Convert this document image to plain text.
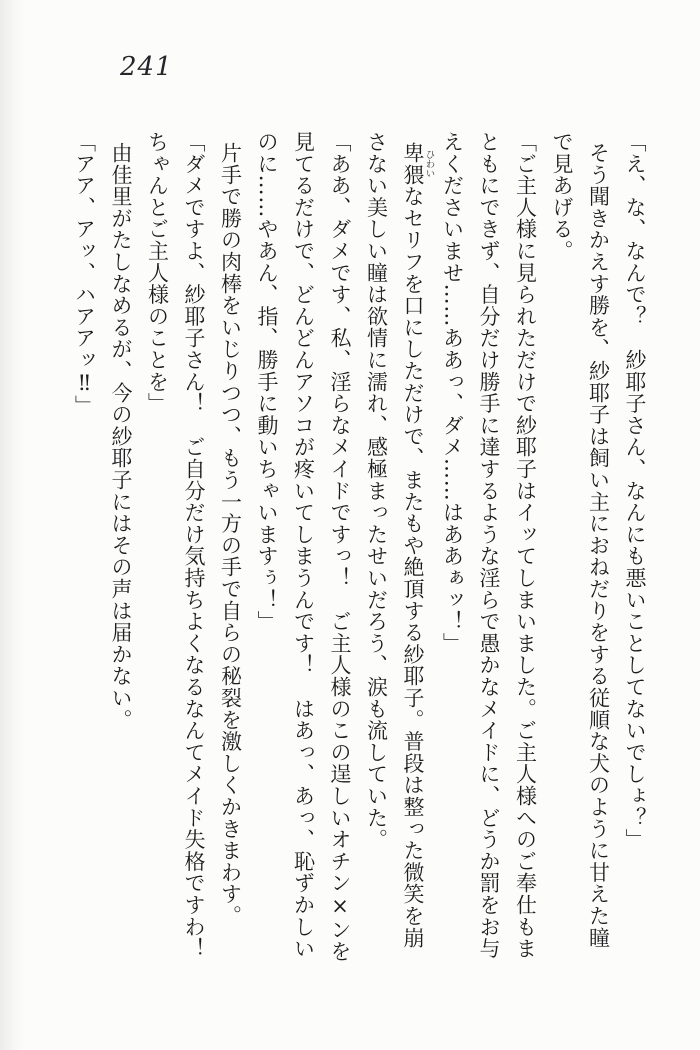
241
「え、な、なんで？　紗耶子さん、なんにも悪いことしてないでしょ？」
そう聞きかえす勝を、紗耶子は飼い主におねだりをする従順な犬のように甘えた瞳
で見あげる。
「ご主人様に見られただけで紗耶子はイッてしまいました。ご主人様へのご奉仕もま
ともにできず、自分だけ勝手に達するような淫らで愚かなメイドに、どうか罰をお与
えくださいませ……ああっ、ダメ……はああぁッ！」
卑猥ひわいなセリフを口にしただけで、またもや絶頂する紗耶子。普段は整った微笑を崩
さない美しい瞳は欲情に濡れ、感極まったせいだろう、涙も流していた。
「ああ、ダメです、私、淫らなメイドですっ！　ご主人様のこの逞しいオチン×ンを
見てるだけで、どんどんアソコが疼いてしまうんです！　はあっ、あっ、恥ずかしい
のに……やあん、指、勝手に動いちゃいますぅ！」
片手で勝の肉棒をいじりつつ、もう一方の手で自らの秘裂を激しくかきまわす。
「ダメですよ、紗耶子さん！　ご自分だけ気持ちよくなるなんてメイド失格ですわ！
ちゃんとご主人様のことを」
由佳里がたしなめるが、今の紗耶子にはその声は届かない。
「アア、アッ、ハアアッ‼」
